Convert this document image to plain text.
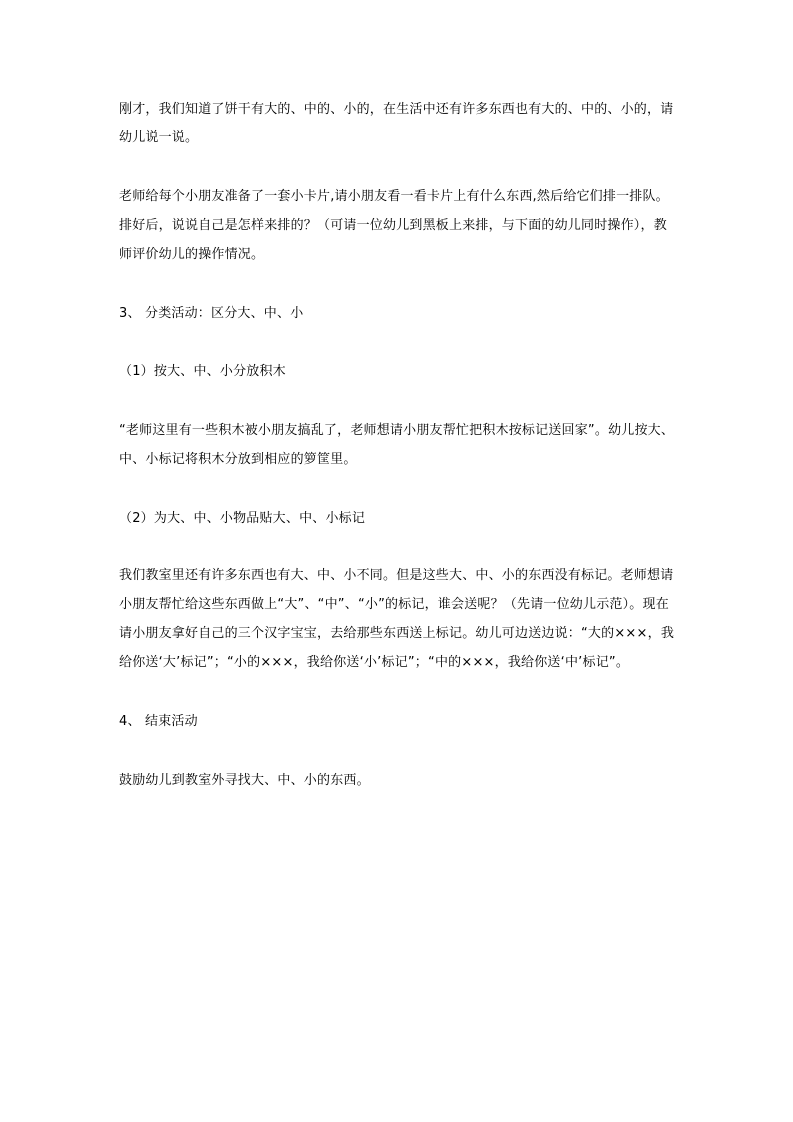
刚才，我们知道了饼干有大的、中的、小的，在生活中还有许多东西也有大的、中的、小的，请
幼儿说一说。
老师给每个小朋友准备了一套小卡片,请小朋友看一看卡片上有什么东西,然后给它们排一排队。
排好后，说说自己是怎样来排的？（可请一位幼儿到黑板上来排，与下面的幼儿同时操作），教
师评价幼儿的操作情况。
3、 分类活动：区分大、中、小
（1）按大、中、小分放积木
“老师这里有一些积木被小朋友搞乱了，老师想请小朋友帮忙把积木按标记送回家”。幼儿按大、
中、小标记将积木分放到相应的箩筐里。
（2）为大、中、小物品贴大、中、小标记
我们教室里还有许多东西也有大、中、小不同。但是这些大、中、小的东西没有标记。老师想请
小朋友帮忙给这些东西做上“大”、“中”、“小”的标记，谁会送呢？（先请一位幼儿示范）。现在
请小朋友拿好自己的三个汉字宝宝，去给那些东西送上标记。幼儿可边送边说：“大的×××，我
给你送‘大’标记”；“小的×××，我给你送‘小’标记”；“中的×××，我给你送‘中’标记”。
4、 结束活动
鼓励幼儿到教室外寻找大、中、小的东西。
